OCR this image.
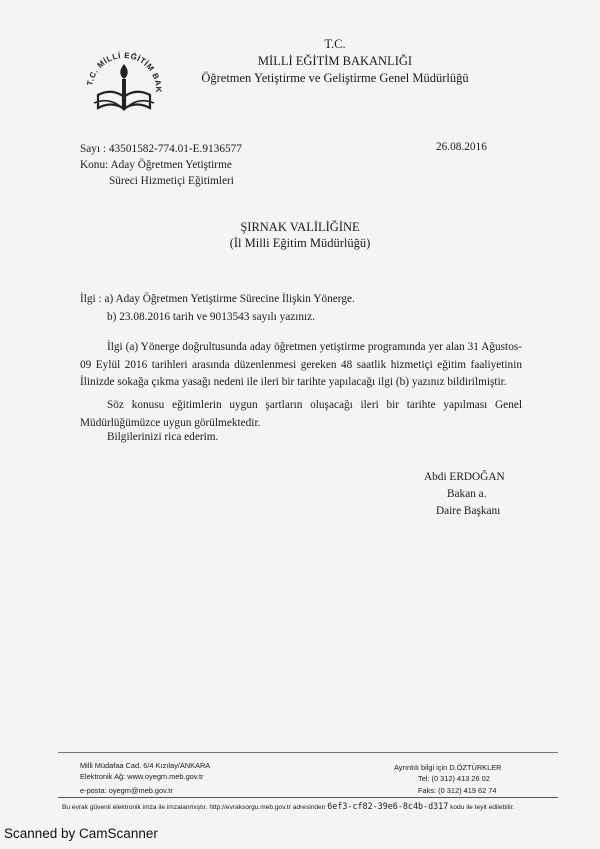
T.C. MİLLİ EĞİTİM BAK
T.C.
MİLLİ EĞİTİM BAKANLIĞI
Öğretmen Yetiştirme ve Geliştirme Genel Müdürlüğü
Sayı : 43501582-774.01-E.9136577	26.08.2016
Konu: Aday Öğretmen Yetiştirme
Süreci Hizmetiçi Eğitimleri
ŞIRNAK VALİLİĞİNE
(İl Milli Eğitim Müdürlüğü)
İlgi : a) Aday Öğretmen Yetiştirme Sürecine İlişkin Yönerge.
b) 23.08.2016 tarih ve 9013543 sayılı yazınız.
İlgi (a) Yönerge doğrultusunda aday öğretmen yetiştirme programında yer alan 31 Ağustos- 09 Eylül 2016 tarihleri arasında düzenlenmesi gereken 48 saatlik hizmetiçi eğitim faaliyetinin İlinizde sokağa çıkma yasağı nedeni ile ileri bir tarihte yapılacağı ilgi (b) yazınız bildirilmiştir.
Söz konusu eğitimlerin uygun şartların oluşacağı ileri bir tarihte yapılması Genel Müdürlüğümüzce uygun görülmektedir.
Bilgilerinizi rica ederim.
Abdi ERDOĞAN
Bakan a.
Daire Başkanı
Milli Müdafaa Cad. 6/4 Kızılay/ANKARA
Elektronik Ağ: www.oyegm.meb.gov.tr
e-posta: oyegm@meb.gov.tr
Ayrıntılı bilgi için D.ÖZTÜRKLER
Tel: (0 312) 413 26 02
Faks: (0 312) 419 62 74
Bu evrak güvenli elektronik imza ile imzalanmıştır. http://evraksorgu.meb.gov.tr adresinden 6ef3-cf82-39e6-8c4b-d317 kodu ile teyit edilebilir.
Scanned by CamScanner
